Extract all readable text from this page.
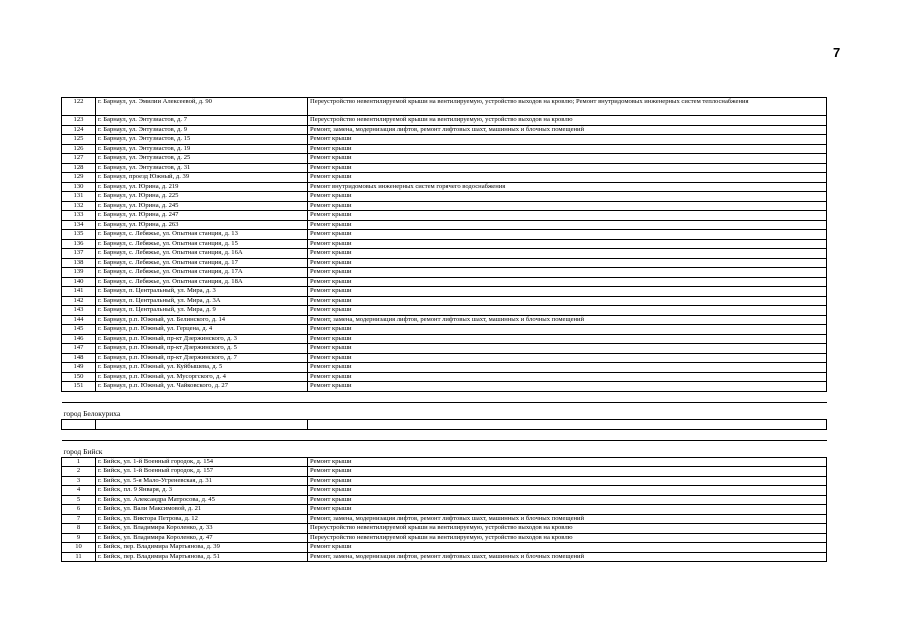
7
122	г. Барнаул, ул. Эмилии Алексеевой, д. 90	Переустройство невентилируемой крыши на вентилируемую, устройство выходов на кровлю; Ремонт внутридомовых инженерных систем теплоснабжения
123	г. Барнаул, ул. Энтузиастов, д. 7	Переустройство невентилируемой крыши на вентилируемую, устройство выходов на кровлю
124	г. Барнаул, ул. Энтузиастов, д. 9	Ремонт, замена, модернизация лифтов, ремонт лифтовых шахт, машинных и блочных помещений
125	г. Барнаул, ул. Энтузиастов, д. 15	Ремонт крыши
126	г. Барнаул, ул. Энтузиастов, д. 19	Ремонт крыши
127	г. Барнаул, ул. Энтузиастов, д. 25	Ремонт крыши
128	г. Барнаул, ул. Энтузиастов, д. 31	Ремонт крыши
129	г. Барнаул, проезд Южный, д. 39	Ремонт крыши
130	г. Барнаул, ул. Юрина, д. 219	Ремонт внутридомовых инженерных систем горячего водоснабжения
131	г. Барнаул, ул. Юрина, д. 225	Ремонт крыши
132	г. Барнаул, ул. Юрина, д. 245	Ремонт крыши
133	г. Барнаул, ул. Юрина, д. 247	Ремонт крыши
134	г. Барнаул, ул. Юрина, д. 263	Ремонт крыши
135	г. Барнаул, с. Лебяжье, ул. Опытная станция, д. 13	Ремонт крыши
136	г. Барнаул, с. Лебяжье, ул. Опытная станция, д. 15	Ремонт крыши
137	г. Барнаул, с. Лебяжье, ул. Опытная станция, д. 16А	Ремонт крыши
138	г. Барнаул, с. Лебяжье, ул. Опытная станция, д. 17	Ремонт крыши
139	г. Барнаул, с. Лебяжье, ул. Опытная станция, д. 17А	Ремонт крыши
140	г. Барнаул, с. Лебяжье, ул. Опытная станция, д. 18А	Ремонт крыши
141	г. Барнаул, п. Центральный, ул. Мира, д. 3	Ремонт крыши
142	г. Барнаул, п. Центральный, ул. Мира, д. 3А	Ремонт крыши
143	г. Барнаул, п. Центральный, ул. Мира, д. 9	Ремонт крыши
144	г. Барнаул, р.п. Южный, ул. Белинского, д. 14	Ремонт, замена, модернизация лифтов, ремонт лифтовых шахт, машинных и блочных помещений
145	г. Барнаул, р.п. Южный, ул. Герцена, д. 4	Ремонт крыши
146	г. Барнаул, р.п. Южный, пр-кт Дзержинского, д. 3	Ремонт крыши
147	г. Барнаул, р.п. Южный, пр-кт Дзержинского, д. 5	Ремонт крыши
148	г. Барнаул, р.п. Южный, пр-кт Дзержинского, д. 7	Ремонт крыши
149	г. Барнаул, р.п. Южный, ул. Куйбышева, д. 5	Ремонт крыши
150	г. Барнаул, р.п. Южный, ул. Мусоргского, д. 4	Ремонт крыши
151	г. Барнаул, р.п. Южный, ул. Чайковского, д. 27	Ремонт крыши

город Белокуриха		

город Бийск		
1	г. Бийск, ул. 1-й Военный городок, д. 154	Ремонт крыши
2	г. Бийск, ул. 1-й Военный городок, д. 157	Ремонт крыши
3	г. Бийск, ул. 5-я Мало-Угреневская, д. 31	Ремонт крыши
4	г. Бийск, пл. 9 Января, д. 3	Ремонт крыши
5	г. Бийск, ул. Александра Матросова, д. 45	Ремонт крыши
6	г. Бийск, ул. Вали Максимовой, д. 21	Ремонт крыши
7	г. Бийск, ул. Виктора Петрова, д. 12	Ремонт, замена, модернизация лифтов, ремонт лифтовых шахт, машинных и блочных помещений
8	г. Бийск, ул. Владимира Короленко, д. 33	Переустройство невентилируемой крыши на вентилируемую, устройство выходов на кровлю
9	г. Бийск, ул. Владимира Короленко, д. 47	Переустройство невентилируемой крыши на вентилируемую, устройство выходов на кровлю
10	г. Бийск, пер. Владимира Мартьянова, д. 39	Ремонт крыши
11	г. Бийск, пер. Владимира Мартьянова, д. 51	Ремонт, замена, модернизация лифтов, ремонт лифтовых шахт, машинных и блочных помещений
